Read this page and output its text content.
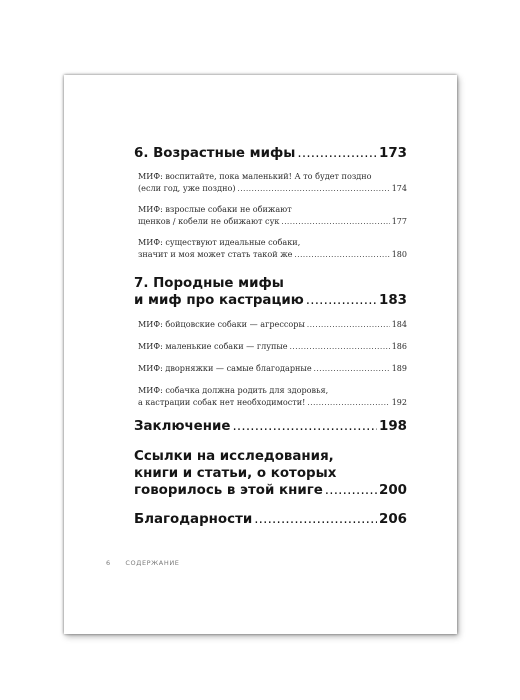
6. Возрастные мифы .....	173
МИФ: воспитайте, пока маленький! А то будет поздно
(если год, уже поздно) .....	174
МИФ: взрослые собаки не обижают
щенков / кобели не обижают сук .....	177
МИФ: существуют идеальные собаки,
значит и моя может стать такой же .....	180
7. Породные мифы
и миф про кастрацию .....	183
МИФ: бойцовские собаки — агрессоры .....	184
МИФ: маленькие собаки — глупые .....	186
МИФ: дворняжки — самые благодарные .....	189
МИФ: собачка должна родить для здоровья,
а кастрации собак нет необходимости! .....	192
Заключение .....	198
Ссылки на исследования,
книги и статьи, о которых
говорилось в этой книге .....	200
Благодарности .....	206
6 СОДЕРЖАНИЕ
